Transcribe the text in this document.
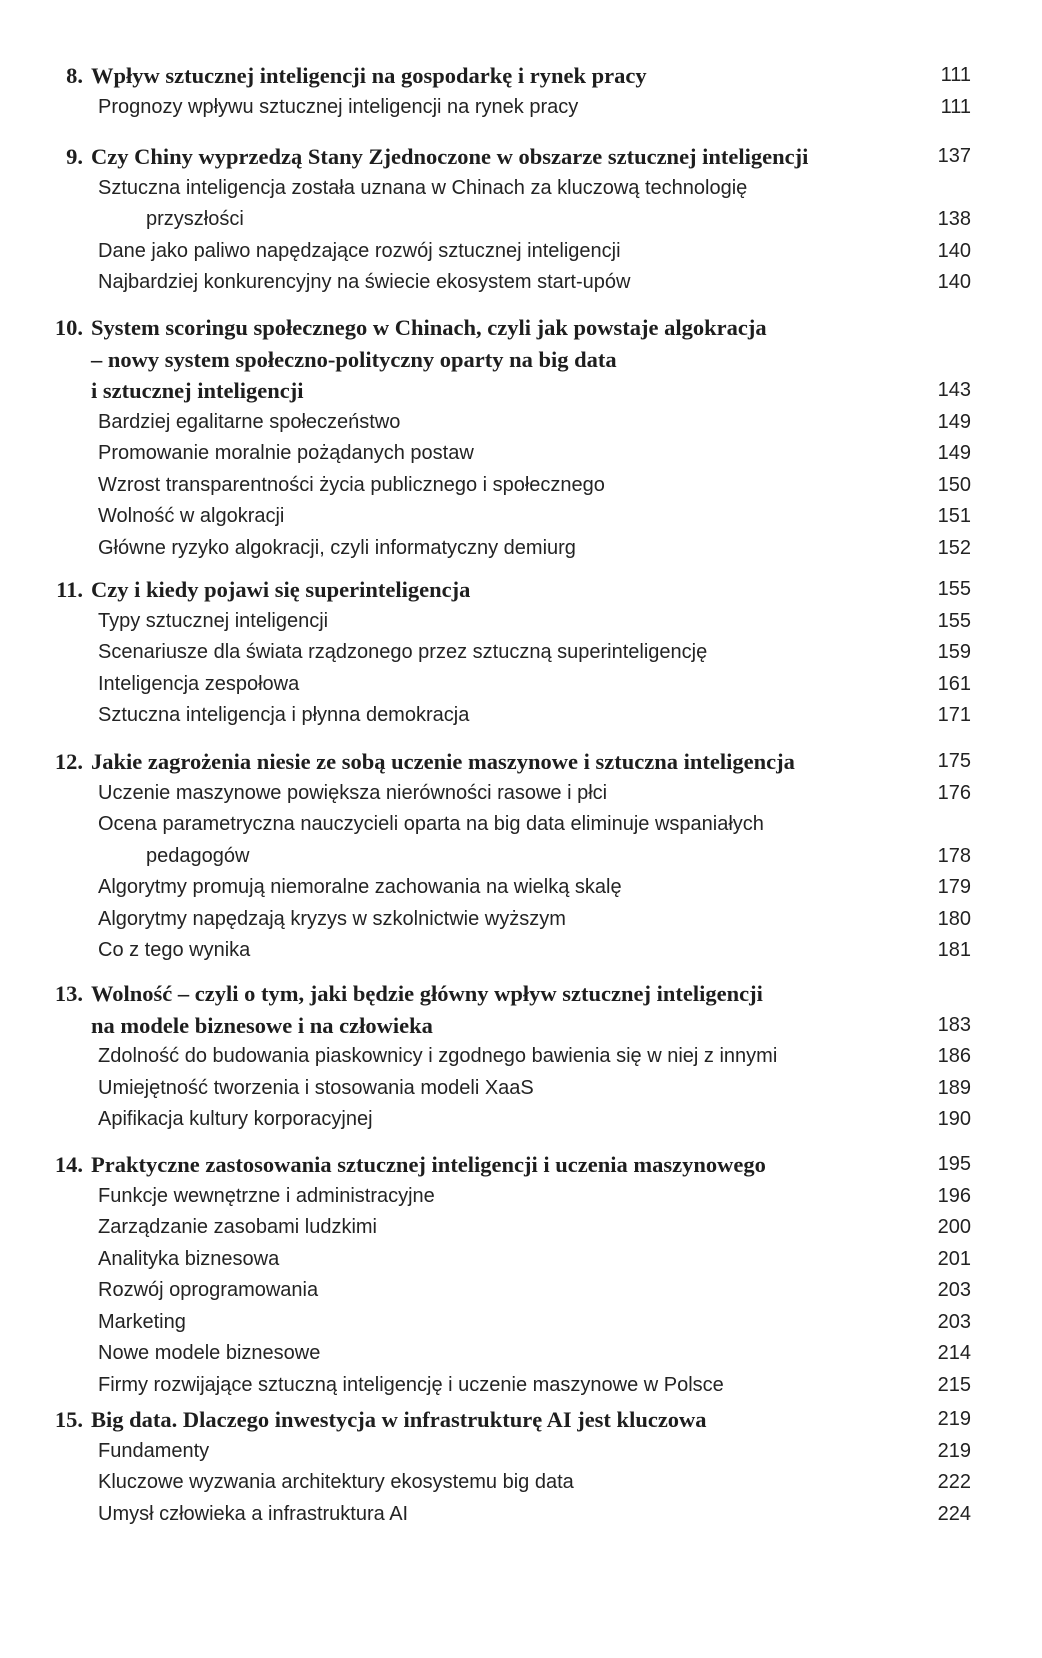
8. Wpływ sztucznej inteligencji na gospodarkę i rynek pracy	111
Prognozy wpływu sztucznej inteligencji na rynek pracy	111
9. Czy Chiny wyprzedzą Stany Zjednoczone w obszarze sztucznej inteligencji	137
Sztuczna inteligencja została uznana w Chinach za kluczową technologię
przyszłości	138
Dane jako paliwo napędzające rozwój sztucznej inteligencji	140
Najbardziej konkurencyjny na świecie ekosystem start-upów	140
10. System scoringu społecznego w Chinach, czyli jak powstaje algokracja
– nowy system społeczno-polityczny oparty na big data
i sztucznej inteligencji	143
Bardziej egalitarne społeczeństwo	149
Promowanie moralnie pożądanych postaw	149
Wzrost transparentności życia publicznego i społecznego	150
Wolność w algokracji	151
Główne ryzyko algokracji, czyli informatyczny demiurg	152
11. Czy i kiedy pojawi się superinteligencja	155
Typy sztucznej inteligencji	155
Scenariusze dla świata rządzonego przez sztuczną superinteligencję	159
Inteligencja zespołowa	161
Sztuczna inteligencja i płynna demokracja	171
12. Jakie zagrożenia niesie ze sobą uczenie maszynowe i sztuczna inteligencja	175
Uczenie maszynowe powiększa nierówności rasowe i płci	176
Ocena parametryczna nauczycieli oparta na big data eliminuje wspaniałych
pedagogów	178
Algorytmy promują niemoralne zachowania na wielką skalę	179
Algorytmy napędzają kryzys w szkolnictwie wyższym	180
Co z tego wynika	181
13. Wolność – czyli o tym, jaki będzie główny wpływ sztucznej inteligencji
na modele biznesowe i na człowieka	183
Zdolność do budowania piaskownicy i zgodnego bawienia się w niej z innymi	186
Umiejętność tworzenia i stosowania modeli XaaS	189
Apifikacja kultury korporacyjnej	190
14. Praktyczne zastosowania sztucznej inteligencji i uczenia maszynowego	195
Funkcje wewnętrzne i administracyjne	196
Zarządzanie zasobami ludzkimi	200
Analityka biznesowa	201
Rozwój oprogramowania	203
Marketing	203
Nowe modele biznesowe	214
Firmy rozwijające sztuczną inteligencję i uczenie maszynowe w Polsce	215
15. Big data. Dlaczego inwestycja w infrastrukturę AI jest kluczowa	219
Fundamenty	219
Kluczowe wyzwania architektury ekosystemu big data	222
Umysł człowieka a infrastruktura AI	224
